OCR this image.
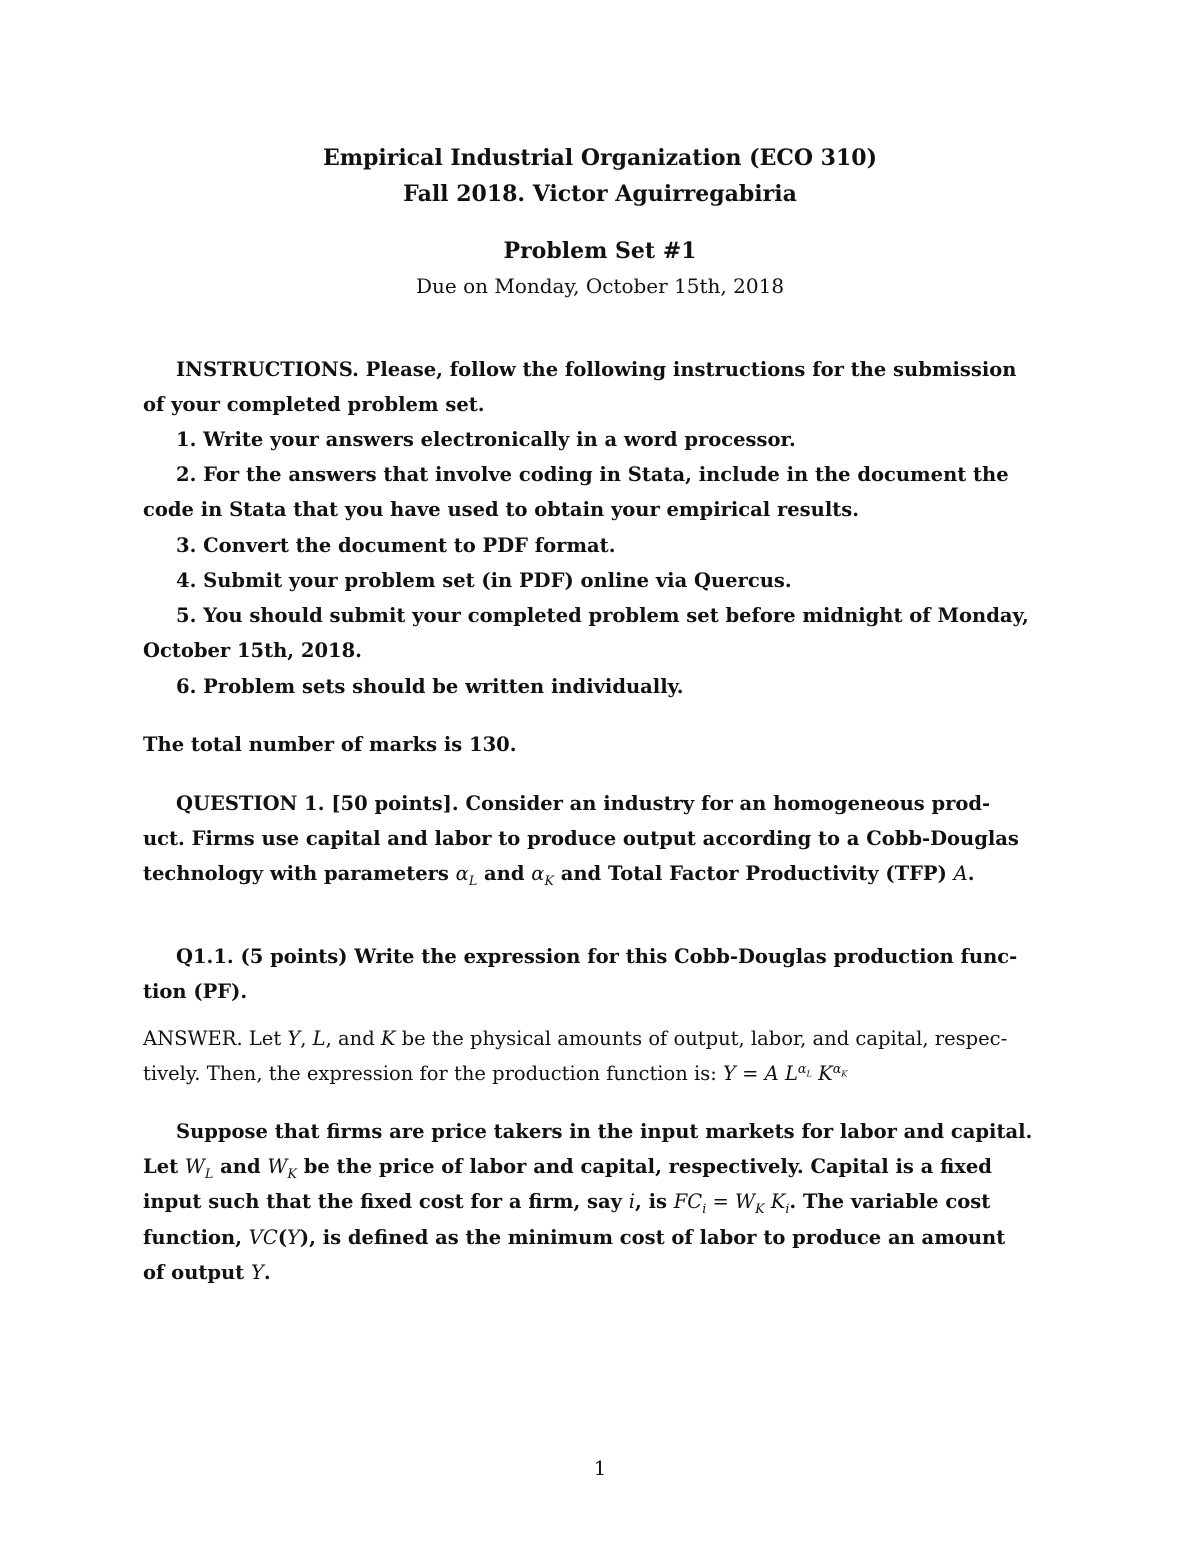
Empirical Industrial Organization (ECO 310)
Fall 2018. Victor Aguirregabiria
Problem Set #1
Due on Monday, October 15th, 2018
INSTRUCTIONS. Please, follow the following instructions for the submission
of your completed problem set.
1. Write your answers electronically in a word processor.
2. For the answers that involve coding in Stata, include in the document the
code in Stata that you have used to obtain your empirical results.
3. Convert the document to PDF format.
4. Submit your problem set (in PDF) online via Quercus.
5. You should submit your completed problem set before midnight of Monday,
October 15th, 2018.
6. Problem sets should be written individually.
The total number of marks is 130.
QUESTION 1. [50 points]. Consider an industry for an homogeneous prod-
uct. Firms use capital and labor to produce output according to a Cobb-Douglas
technology with parameters $\alpha_L$ and $\alpha_K$ and Total Factor Productivity (TFP) A.
Q1.1. (5 points) Write the expression for this Cobb-Douglas production func-
tion (PF).
ANSWER. Let Y, L, and K be the physical amounts of output, labor, and capital, respec-
tively. Then, the expression for the production function is: Y = A $L^{\alpha_L}$ $K^{\alpha_K}$
Suppose that firms are price takers in the input markets for labor and capital.
Let $W_L$ and $W_K$ be the price of labor and capital, respectively. Capital is a fixed
input such that the fixed cost for a firm, say i, is $FC_i = W_K$ $K_i$. The variable cost
function, VC(Y), is defined as the minimum cost of labor to produce an amount
of output Y.
1
